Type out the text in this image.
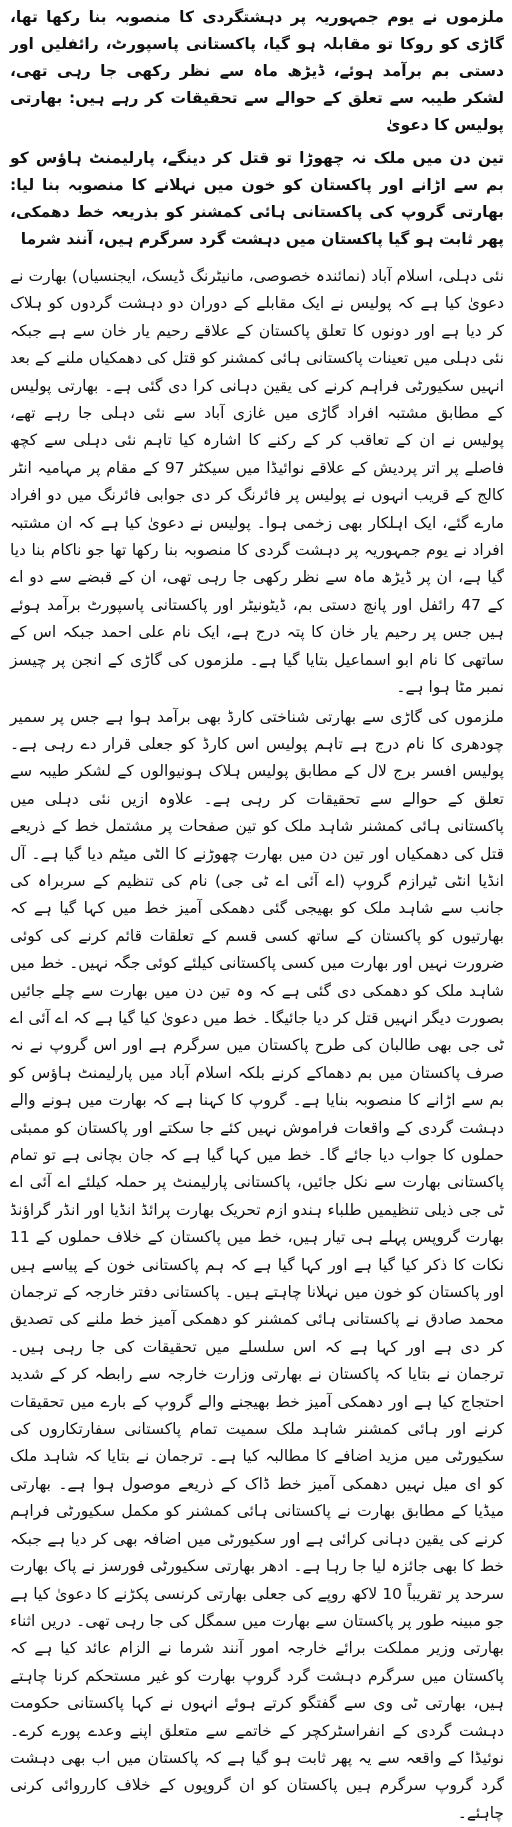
ملزموں نے یوم جمہوریہ پر دہشتگردی کا منصوبہ بنا رکھا تھا، گاڑی کو روکا تو مقابلہ ہو گیا، پاکستانی پاسپورٹ، رائفلیں اور دستی بم برآمد ہوئے، ڈیڑھ ماہ سے نظر رکھی جا رہی تھی، لشکر طیبہ سے تعلق کے حوالے سے تحقیقات کر رہے ہیں: بھارتی پولیس کا دعویٰ

تین دن میں ملک نہ چھوڑا تو قتل کر دینگے، پارلیمنٹ ہاؤس کو بم سے اڑانے اور پاکستان کو خون میں نہلانے کا منصوبہ بنا لیا: بھارتی گروپ کی پاکستانی ہائی کمشنر کو بذریعہ خط دھمکی، پھر ثابت ہو گیا پاکستان میں دہشت گرد سرگرم ہیں، آنند شرما

نئی دہلی، اسلام آباد (نمائندہ خصوصی، مانیٹرنگ ڈیسک، ایجنسیاں) بھارت نے دعویٰ کیا ہے کہ پولیس نے ایک مقابلے کے دوران دو دہشت گردوں کو ہلاک کر دیا ہے اور دونوں کا تعلق پاکستان کے علاقے رحیم یار خان سے ہے جبکہ نئی دہلی میں تعینات پاکستانی ہائی کمشنر کو قتل کی دھمکیاں ملنے کے بعد انہیں سکیورٹی فراہم کرنے کی یقین دہانی کرا دی گئی ہے۔ بھارتی پولیس کے مطابق مشتبہ افراد گاڑی میں غازی آباد سے نئی دہلی جا رہے تھے، پولیس نے ان کے تعاقب کر کے رکنے کا اشارہ کیا تاہم نئی دہلی سے کچھ فاصلے پر اتر پردیش کے علاقے نوائیڈا میں سیکٹر 97 کے مقام پر مہامیہ انٹر کالج کے قریب انہوں نے پولیس پر فائرنگ کر دی جوابی فائرنگ میں دو افراد مارے گئے، ایک اہلکار بھی زخمی ہوا۔ پولیس نے دعویٰ کیا ہے کہ ان مشتبہ افراد نے یوم جمہوریہ پر دہشت گردی کا منصوبہ بنا رکھا تھا جو ناکام بنا دیا گیا ہے، ان پر ڈیڑھ ماہ سے نظر رکھی جا رہی تھی، ان کے قبضے سے دو اے کے 47 رائفل اور پانچ دستی بم، ڈیٹونیٹر اور پاکستانی پاسپورٹ برآمد ہوئے ہیں جس پر رحیم یار خان کا پتہ درج ہے، ایک نام علی احمد جبکہ اس کے ساتھی کا نام ابو اسماعیل بتایا گیا ہے۔ ملزموں کی گاڑی کے انجن پر چیسز نمبر مٹا ہوا ہے۔

ملزموں کی گاڑی سے بھارتی شناختی کارڈ بھی برآمد ہوا ہے جس پر سمیر چودھری کا نام درج ہے تاہم پولیس اس کارڈ کو جعلی قرار دے رہی ہے۔ پولیس افسر برج لال کے مطابق پولیس ہلاک ہونیوالوں کے لشکر طیبہ سے تعلق کے حوالے سے تحقیقات کر رہی ہے۔ علاوہ ازیں نئی دہلی میں پاکستانی ہائی کمشنر شاہد ملک کو تین صفحات پر مشتمل خط کے ذریعے قتل کی دھمکیاں اور تین دن میں بھارت چھوڑنے کا الٹی میٹم دیا گیا ہے۔ آل انڈیا انٹی ٹیرازم گروپ (اے آئی اے ٹی جی) نام کی تنظیم کے سربراہ کی جانب سے شاہد ملک کو بھیجی گئی دھمکی آمیز خط میں کہا گیا ہے کہ بھارتیوں کو پاکستان کے ساتھ کسی قسم کے تعلقات قائم کرنے کی کوئی ضرورت نہیں اور بھارت میں کسی پاکستانی کیلئے کوئی جگہ نہیں۔ خط میں شاہد ملک کو دھمکی دی گئی ہے کہ وہ تین دن میں بھارت سے چلے جائیں بصورت دیگر انہیں قتل کر دیا جائیگا۔ خط میں دعویٰ کیا گیا ہے کہ اے آئی اے ٹی جی بھی طالبان کی طرح پاکستان میں سرگرم ہے اور اس گروپ نے نہ صرف پاکستان میں بم دھماکے کرنے بلکہ اسلام آباد میں پارلیمنٹ ہاؤس کو بم سے اڑانے کا منصوبہ بنایا ہے۔ گروپ کا کہنا ہے کہ بھارت میں ہونے والے دہشت گردی کے واقعات فراموش نہیں کئے جا سکتے اور پاکستان کو ممبئی حملوں کا جواب دیا جائے گا۔ خط میں کہا گیا ہے کہ جان بچانی ہے تو تمام پاکستانی بھارت سے نکل جائیں، پاکستانی پارلیمنٹ پر حملہ کیلئے اے آئی اے ٹی جی ذیلی تنظیمیں طلباء ہندو ازم تحریک بھارت پرائڈ انڈیا اور انڈر گراؤنڈ بھارت گروپس پہلے ہی تیار ہیں، خط میں پاکستان کے خلاف حملوں کے 11 نکات کا ذکر کیا گیا ہے اور کہا گیا ہے کہ ہم پاکستانی خون کے پیاسے ہیں اور پاکستان کو خون میں نہلانا چاہتے ہیں۔ پاکستانی دفتر خارجہ کے ترجمان محمد صادق نے پاکستانی ہائی کمشنر کو دھمکی آمیز خط ملنے کی تصدیق کر دی ہے اور کہا ہے کہ اس سلسلے میں تحقیقات کی جا رہی ہیں۔ ترجمان نے بتایا کہ پاکستان نے بھارتی وزارت خارجہ سے رابطہ کر کے شدید احتجاج کیا ہے اور دھمکی آمیز خط بھیجنے والے گروپ کے بارے میں تحقیقات کرنے اور ہائی کمشنر شاہد ملک سمیت تمام پاکستانی سفارتکاروں کی سکیورٹی میں مزید اضافے کا مطالبہ کیا ہے۔ ترجمان نے بتایا کہ شاہد ملک کو ای میل نہیں دھمکی آمیز خط ڈاک کے ذریعے موصول ہوا ہے۔ بھارتی میڈیا کے مطابق بھارت نے پاکستانی ہائی کمشنر کو مکمل سکیورٹی فراہم کرنے کی یقین دہانی کرائی ہے اور سکیورٹی میں اضافہ بھی کر دیا ہے جبکہ خط کا بھی جائزہ لیا جا رہا ہے۔ ادھر بھارتی سکیورٹی فورسز نے پاک بھارت سرحد پر تقریباً 10 لاکھ روپے کی جعلی بھارتی کرنسی پکڑنے کا دعویٰ کیا ہے جو مبینہ طور پر پاکستان سے بھارت میں سمگل کی جا رہی تھی۔ دریں اثناء بھارتی وزیر مملکت برائے خارجہ امور آنند شرما نے الزام عائد کیا ہے کہ پاکستان میں سرگرم دہشت گرد گروپ بھارت کو غیر مستحکم کرنا چاہتے ہیں، بھارتی ٹی وی سے گفتگو کرتے ہوئے انہوں نے کہا پاکستانی حکومت دہشت گردی کے انفراسٹرکچر کے خاتمے سے متعلق اپنے وعدے پورے کرے۔ نوئیڈا کے واقعہ سے یہ پھر ثابت ہو گیا ہے کہ پاکستان میں اب بھی دہشت گرد گروپ سرگرم ہیں پاکستان کو ان گروپوں کے خلاف کارروائی کرنی چاہئے۔
